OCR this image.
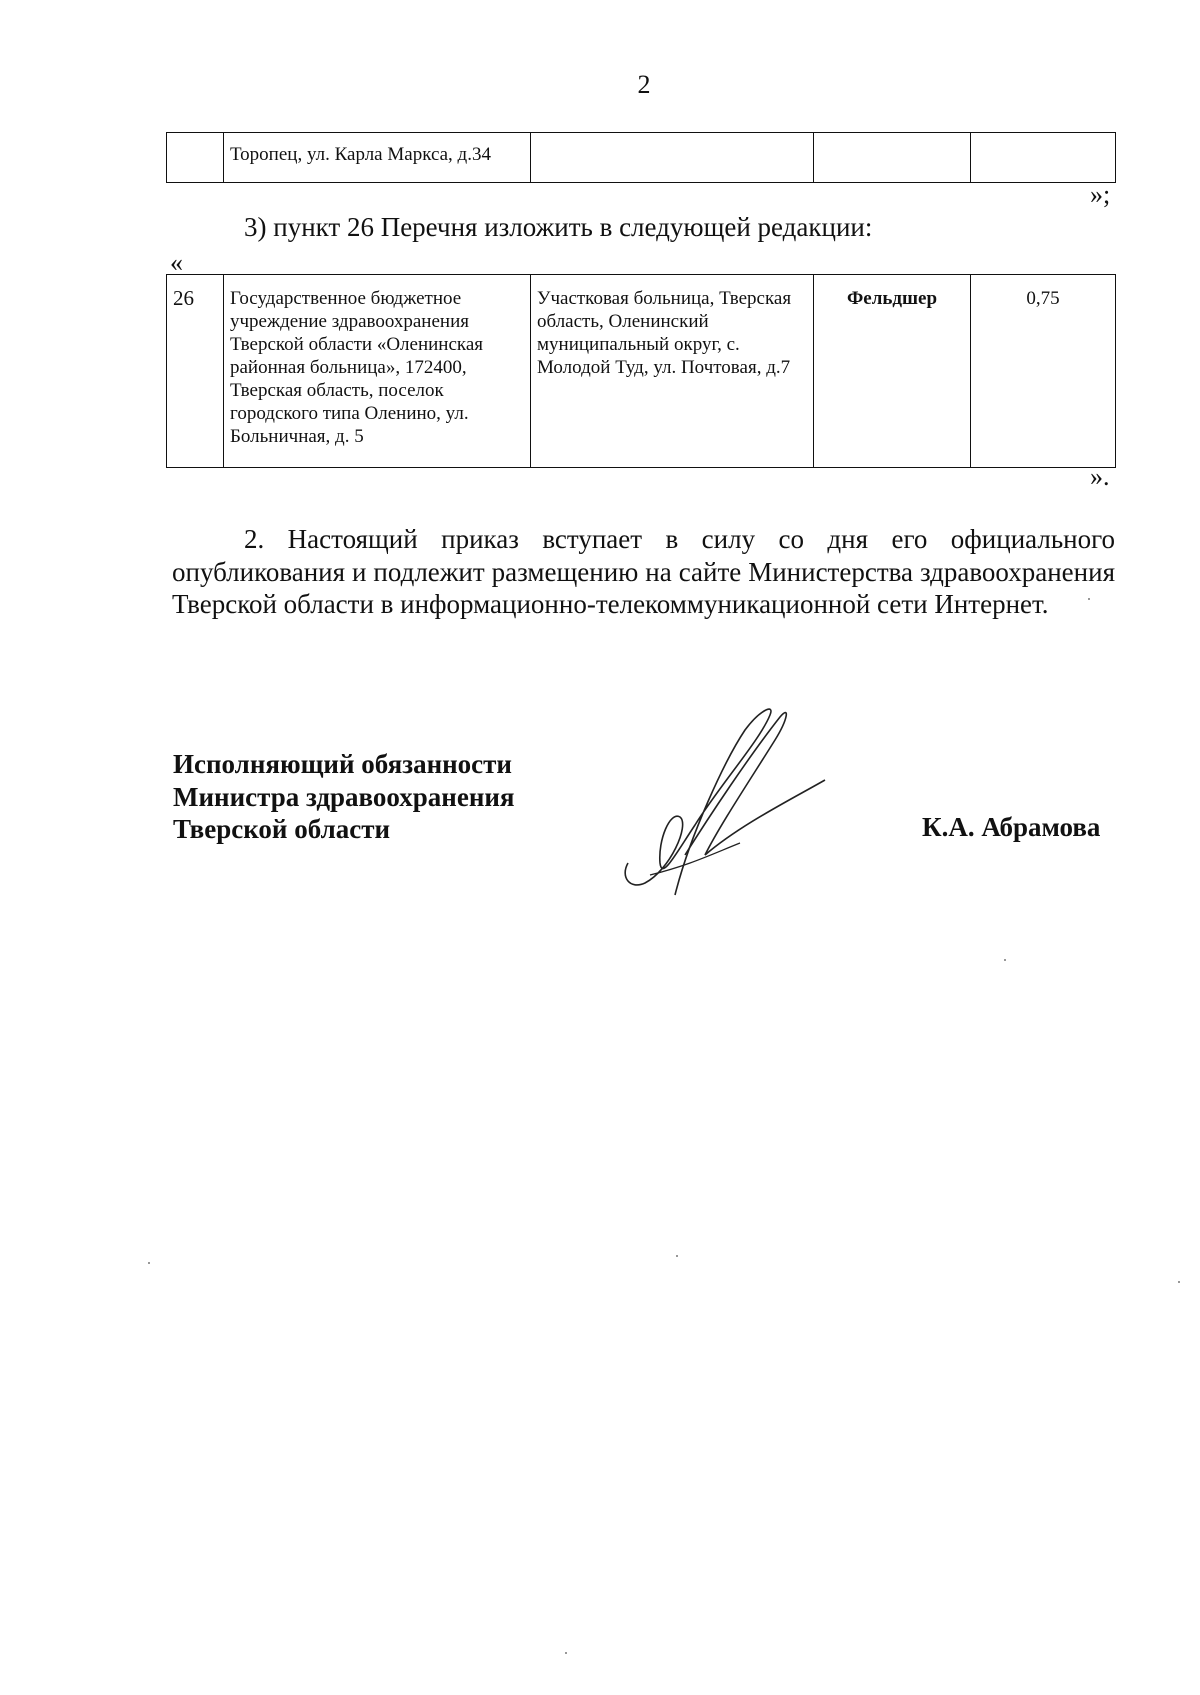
2
	Торопец, ул. Карла Маркса, д.34			
»;
3) пункт 26 Перечня изложить в следующей редакции:
«
26	Государственное бюджетное учреждение здравоохранения Тверской области «Оленинская районная больница», 172400, Тверская область, поселок городского типа Оленино, ул. Больничная, д. 5	Участковая больница, Тверская область, Оленинский муниципальный округ, с. Молодой Туд, ул. Почтовая, д.7	Фельдшер	0,75
».

2. Настоящий приказ вступает в силу со дня его официального опубликования и подлежит размещению на сайте Министерства здравоохранения Тверской области в информационно-телекоммуникационной сети Интернет.

Исполняющий обязанности
Министра здравоохранения
Тверской области	К.А. Абрамова
